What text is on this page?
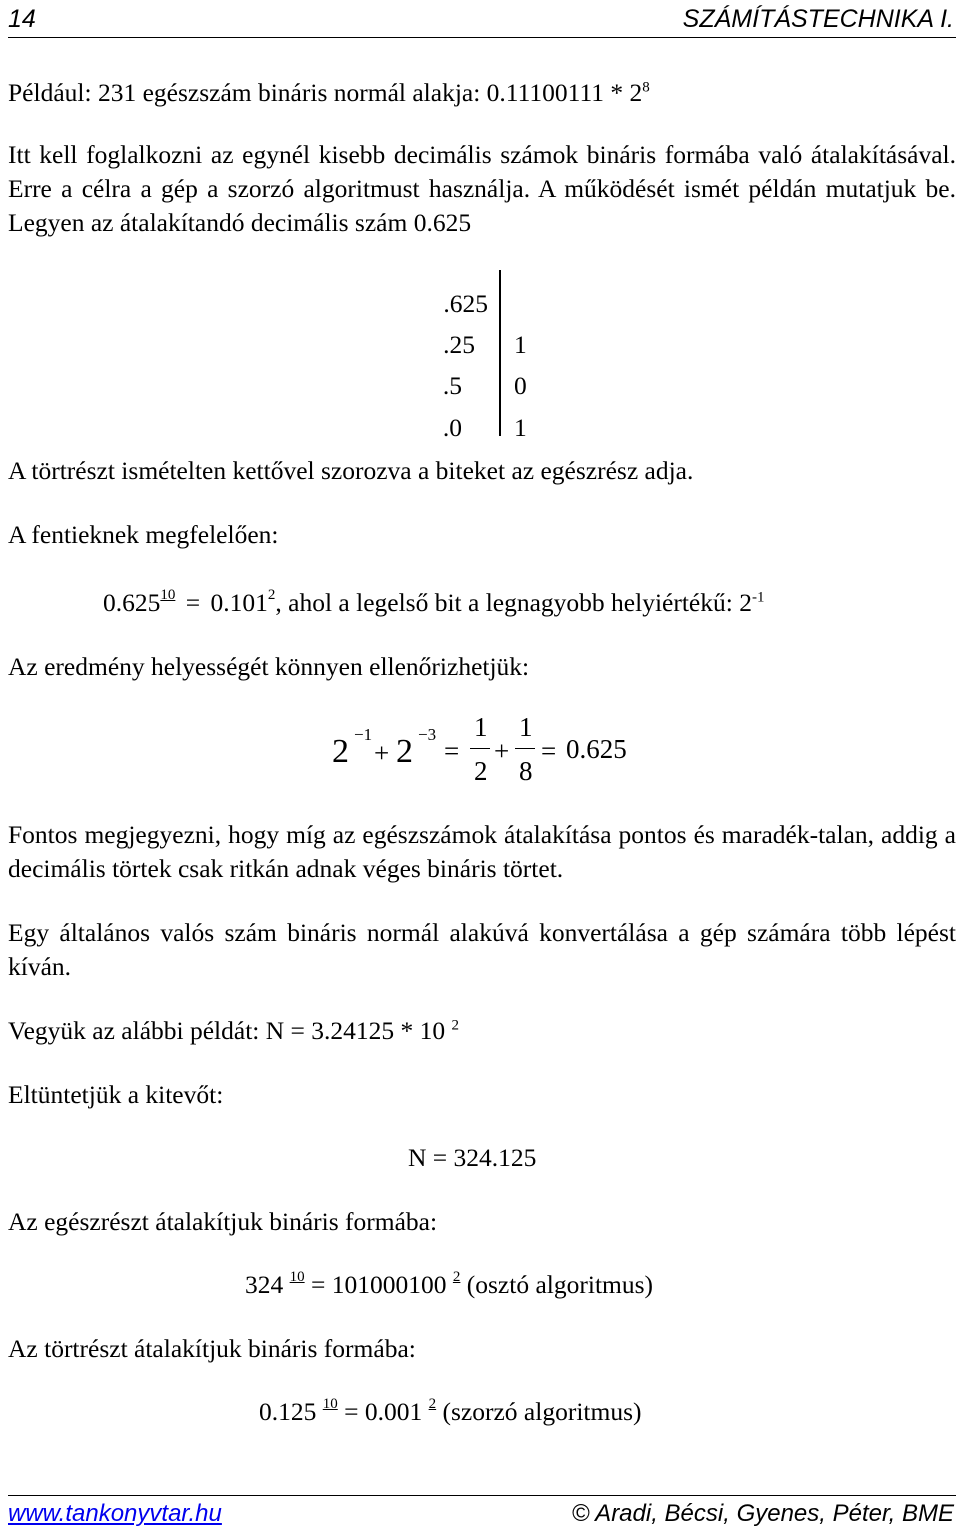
14	SZÁMÍTÁSTECHNIKA I.
Például: 231 egészszám bináris normál alakja: $0.11100111 * 2^8$
Itt kell foglalkozni az egynél kisebb decimális számok bináris formába való átalakításával. Erre a célra a gép a szorzó algoritmust használja. A működését ismét példán mutatjuk be. Legyen az átalakítandó decimális szám 0.625
.625
.25
.5
.0
1
0
1
A törtrészt ismételten kettővel szorozva a biteket az egészrész adja.
A fentieknek megfelelően:
$0.625^{10} = 0.101^2$, ahol a legelső bit a legnagyobb helyiértékű: $2^{-1}$
Az eredmény helyességét könnyen ellenőrizhetjük:
2 −1
+ 2 −3
=
1
2
+
1
8
= 0.625
Fontos megjegyezni, hogy míg az egészszámok átalakítása pontos és maradék-talan, addig a decimális törtek csak ritkán adnak véges bináris törtet.
Egy általános valós szám bináris normál alakúvá konvertálása a gép számára több lépést kíván.
Vegyük az alábbi példát: N = 3.24125 * 10 $^2$
Eltüntetjük a kitevőt:
N = 324.125
Az egészrészt átalakítjuk bináris formába:
324 $^{10}$ = 101000100 $^2$ (osztó algoritmus)
Az törtrészt átalakítjuk bináris formába:
0.125 $^{10}$ = 0.001 $^2$ (szorzó algoritmus)
www.tankonyvtar.hu	© Aradi, Bécsi, Gyenes, Péter, BME
